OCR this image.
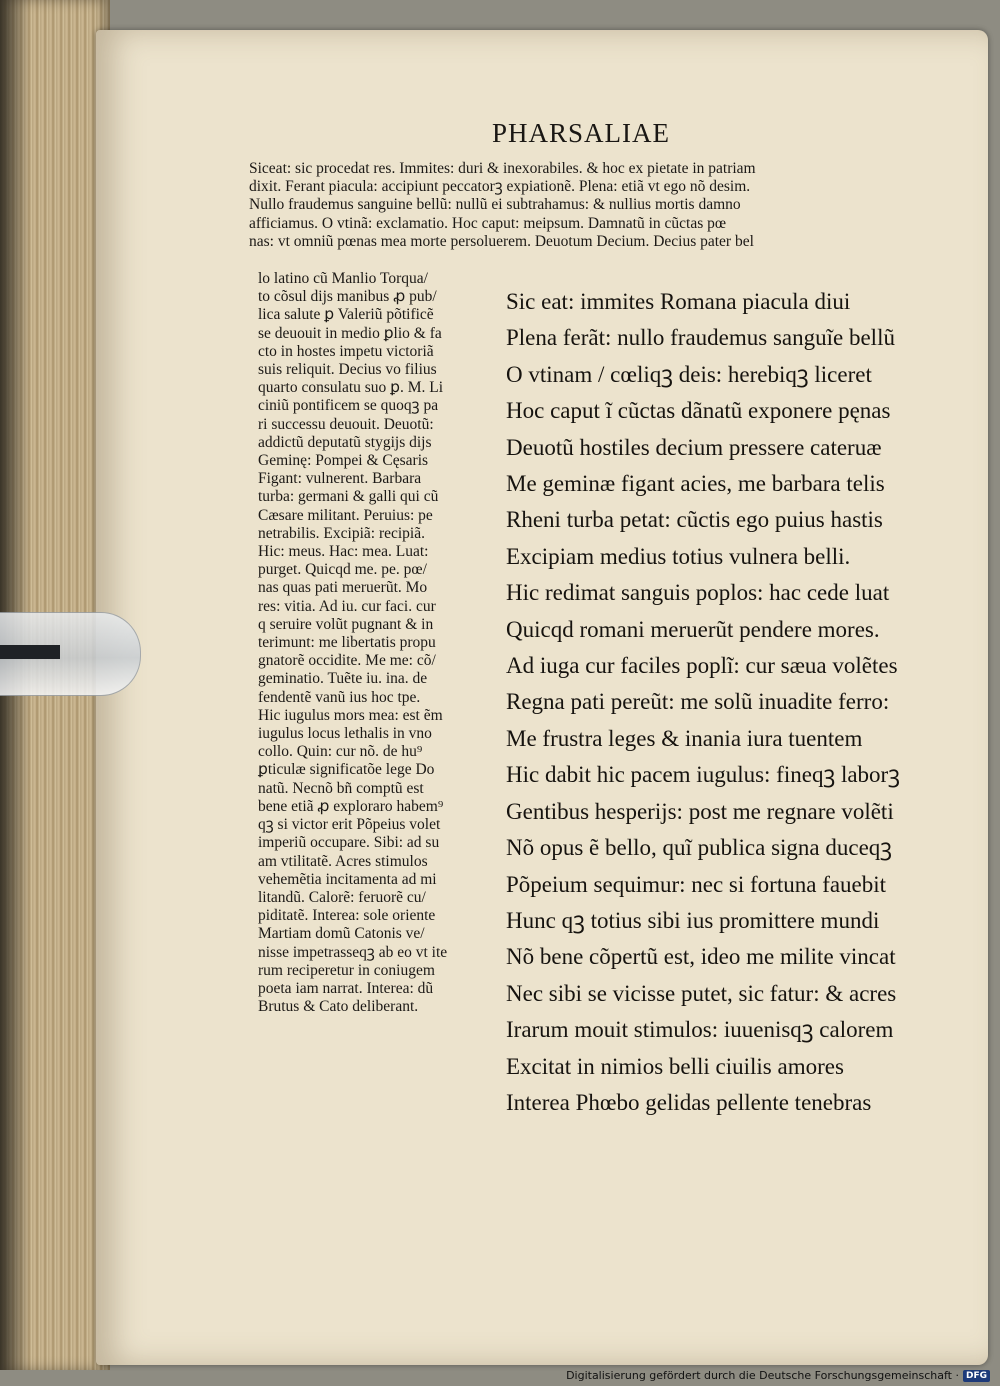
PHARSALIAE
Siceat: sic procedat res. Immites: duri & inexorabiles. & hoc ex pietate in patriam
dixit. Ferant piacula: accipiunt peccatorꝫ expiationẽ. Plena: etiã vt ego nõ desim.
Nullo fraudemus sanguine bellũ: nullũ ei subtrahamus: & nullius mortis damno
afficiamus. O vtinã: exclamatio. Hoc caput: meipsum. Damnatũ in cũctas pœ
nas: vt omniũ pœnas mea morte persoluerem. Deuotum Decium. Decius pater bel
lo latino cũ Manlio Torqua/
to cõsul dijs manibus ꝓ pub/
lica salute ꝑ Valeriũ põtificẽ
se deuouit in medio ꝑlio & fa
cto in hostes impetu victoriã
suis reliquit. Decius vo filius
quarto consulatu suo ꝑ. M. Li
ciniũ pontificem se quoqꝫ pa
ri successu deuouit. Deuotũ:
addictũ deputatũ stygijs dijs
Geminę: Pompei & Cęsaris
Figant: vulnerent. Barbara
turba: germani & galli qui cũ
Cæsare militant. Peruius: pe
netrabilis. Excipiã: recipiã.
Hic: meus. Hac: mea. Luat:
purget. Quicqd me. pe. pœ/
nas quas pati meruerũt. Mo
res: vitia. Ad iu. cur faci. cur
q seruire volũt pugnant & in
terimunt: me libertatis propu
gnatorẽ occidite. Me me: cõ/
geminatio. Tuẽte iu. ina. de
fendentẽ vanũ ius hoc tpe.
Hic iugulus mors mea: est ẽm
iugulus locus lethalis in vno
collo. Quin: cur nõ. de hu⁹
ꝑticulæ significatõe lege Do
natũ. Necnõ bñ comptũ est
bene etiã ꝓ exploraro habem⁹
qꝫ si victor erit Põpeius volet
imperiũ occupare. Sibi: ad su
am vtilitatẽ. Acres stimulos
vehemẽtia incitamenta ad mi
litandũ. Calorẽ: feruorẽ cu/
piditatẽ. Interea: sole oriente
Martiam domũ Catonis ve/
nisse impetrasseqꝫ ab eo vt ite
rum reciperetur in coniugem
poeta iam narrat. Interea: dũ
Brutus & Cato deliberant.
Sic eat: immites Romana piacula diui
Plena ferãt: nullo fraudemus sanguĩe bellũ
O vtinam / cœliqꝫ deis: herebiqꝫ liceret
Hoc caput ĩ cũctas dãnatũ exponere pęnas
Deuotũ hostiles decium pressere cateruæ
Me geminæ figant acies, me barbara telis
Rheni turba petat: cũctis ego puius hastis
Excipiam medius totius vulnera belli.
Hic redimat sanguis poplos: hac cede luat
Quicqd romani meruerũt pendere mores.
Ad iuga cur faciles poplĩ: cur sæua volẽtes
Regna pati pereũt: me solũ inuadite ferro:
Me frustra leges & inania iura tuentem
Hic dabit hic pacem iugulus: fineqꝫ laborꝫ
Gentibus hesperijs: post me regnare volẽti
Nõ opus ẽ bello, quĩ publica signa duceqꝫ
Põpeium sequimur: nec si fortuna fauebit
Hunc qꝫ totius sibi ius promittere mundi
Nõ bene cõpertũ est, ideo me milite vincat
Nec sibi se vicisse putet, sic fatur: & acres
Irarum mouit stimulos: iuuenisqꝫ calorem
Excitat in nimios belli ciuilis amores
Interea Phœbo gelidas pellente tenebras
Digitalisierung gefördert durch die Deutsche Forschungsgemeinschaft · DFG
